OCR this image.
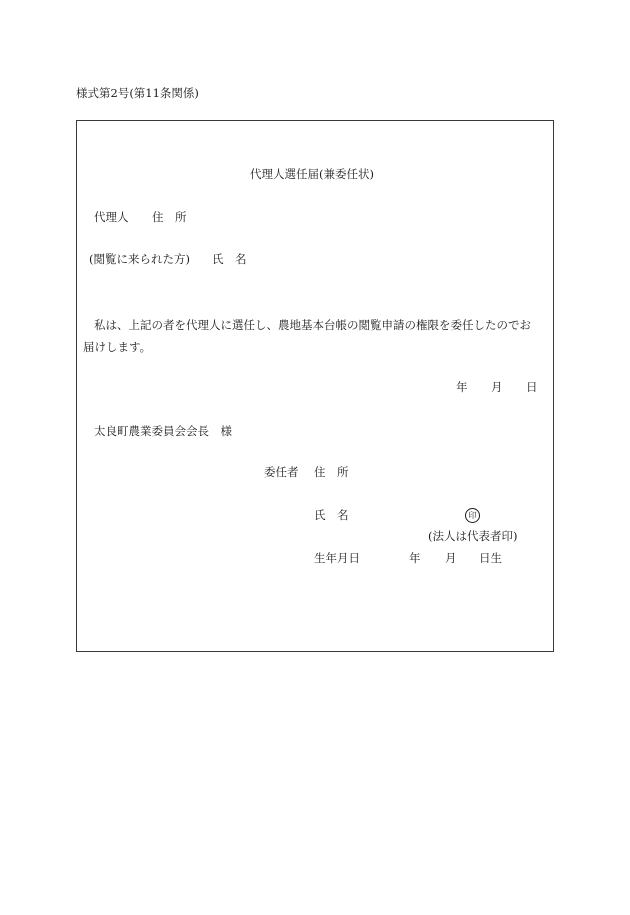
様式第2号(第11条関係)
代理人選任届(兼委任状)
代理人 住　所
(閲覧に来られた方) 氏　名
私は、上記の者を代理人に選任し、農地基本台帳の閲覧申請の権限を委任したのでお
届けします。
年 月 日
太良町農業委員会会長　様
委任者 住　所
氏　名	印
(法人は代表者印)
生年月日	年 月 日生
